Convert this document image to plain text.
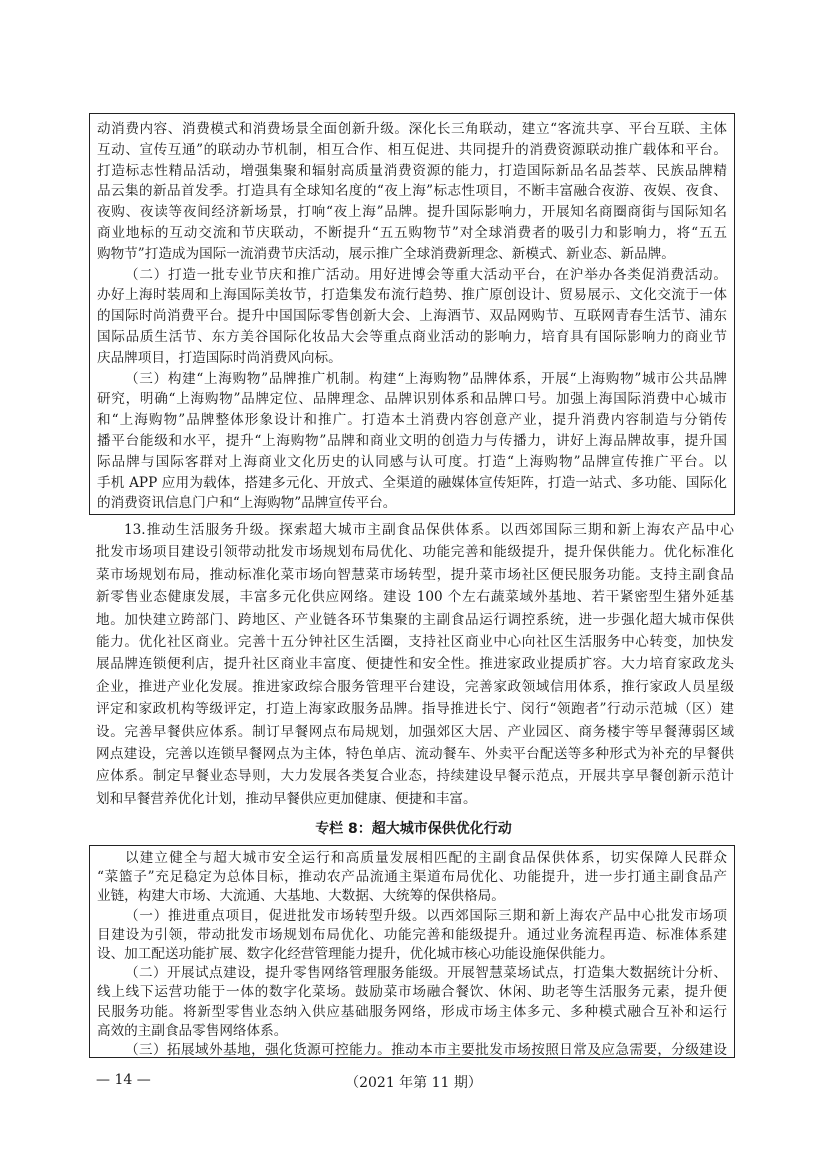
动消费内容、消费模式和消费场景全面创新升级。深化长三角联动，建立“客流共享、平台互联、主体
互动、宣传互通”的联动办节机制，相互合作、相互促进、共同提升的消费资源联动推广载体和平台。
打造标志性精品活动，增强集聚和辐射高质量消费资源的能力，打造国际新品名品荟萃、民族品牌精
品云集的新品首发季。打造具有全球知名度的“夜上海”标志性项目，不断丰富融合夜游、夜娱、夜食、
夜购、夜读等夜间经济新场景，打响“夜上海”品牌。提升国际影响力，开展知名商圈商街与国际知名
商业地标的互动交流和节庆联动，不断提升“五五购物节”对全球消费者的吸引力和影响力，将“五五
购物节”打造成为国际一流消费节庆活动，展示推广全球消费新理念、新模式、新业态、新品牌。
（二）打造一批专业节庆和推广活动。用好进博会等重大活动平台，在沪举办各类促消费活动。
办好上海时装周和上海国际美妆节，打造集发布流行趋势、推广原创设计、贸易展示、文化交流于一体
的国际时尚消费平台。提升中国国际零售创新大会、上海酒节、双品网购节、互联网青春生活节、浦东
国际品质生活节、东方美谷国际化妆品大会等重点商业活动的影响力，培育具有国际影响力的商业节
庆品牌项目，打造国际时尚消费风向标。
（三）构建“上海购物”品牌推广机制。构建“上海购物”品牌体系，开展“上海购物”城市公共品牌
研究，明确“上海购物”品牌定位、品牌理念、品牌识别体系和品牌口号。加强上海国际消费中心城市
和“上海购物”品牌整体形象设计和推广。打造本土消费内容创意产业，提升消费内容制造与分销传
播平台能级和水平，提升“上海购物”品牌和商业文明的创造力与传播力，讲好上海品牌故事，提升国
际品牌与国际客群对上海商业文化历史的认同感与认可度。打造“上海购物”品牌宣传推广平台。以
手机 APP 应用为载体，搭建多元化、开放式、全渠道的融媒体宣传矩阵，打造一站式、多功能、国际化
的消费资讯信息门户和“上海购物”品牌宣传平台。
13.推动生活服务升级。探索超大城市主副食品保供体系。以西郊国际三期和新上海农产品中心
批发市场项目建设引领带动批发市场规划布局优化、功能完善和能级提升，提升保供能力。优化标准化
菜市场规划布局，推动标准化菜市场向智慧菜市场转型，提升菜市场社区便民服务功能。支持主副食品
新零售业态健康发展，丰富多元化供应网络。建设 100 个左右蔬菜域外基地、若干紧密型生猪外延基
地。加快建立跨部门、跨地区、产业链各环节集聚的主副食品运行调控系统，进一步强化超大城市保供
能力。优化社区商业。完善十五分钟社区生活圈，支持社区商业中心向社区生活服务中心转变，加快发
展品牌连锁便利店，提升社区商业丰富度、便捷性和安全性。推进家政业提质扩容。大力培育家政龙头
企业，推进产业化发展。推进家政综合服务管理平台建设，完善家政领域信用体系，推行家政人员星级
评定和家政机构等级评定，打造上海家政服务品牌。指导推进长宁、闵行“领跑者”行动示范城（区）建
设。完善早餐供应体系。制订早餐网点布局规划，加强郊区大居、产业园区、商务楼宇等早餐薄弱区域
网点建设，完善以连锁早餐网点为主体，特色单店、流动餐车、外卖平台配送等多种形式为补充的早餐供
应体系。制定早餐业态导则，大力发展各类复合业态，持续建设早餐示范点，开展共享早餐创新示范计
划和早餐营养优化计划，推动早餐供应更加健康、便捷和丰富。
专栏 8：超大城市保供优化行动
以建立健全与超大城市安全运行和高质量发展相匹配的主副食品保供体系，切实保障人民群众
“菜篮子”充足稳定为总体目标，推动农产品流通主渠道布局优化、功能提升，进一步打通主副食品产
业链，构建大市场、大流通、大基地、大数据、大统筹的保供格局。
（一）推进重点项目，促进批发市场转型升级。以西郊国际三期和新上海农产品中心批发市场项
目建设为引领，带动批发市场规划布局优化、功能完善和能级提升。通过业务流程再造、标准体系建
设、加工配送功能扩展、数字化经营管理能力提升，优化城市核心功能设施保供能力。
（二）开展试点建设，提升零售网络管理服务能级。开展智慧菜场试点，打造集大数据统计分析、
线上线下运营功能于一体的数字化菜场。鼓励菜市场融合餐饮、休闲、助老等生活服务元素，提升便
民服务功能。将新型零售业态纳入供应基础服务网络，形成市场主体多元、多种模式融合互补和运行
高效的主副食品零售网络体系。
（三）拓展域外基地，强化货源可控能力。推动本市主要批发市场按照日常及应急需要，分级建设
— 14 —	（2021 年第 11 期）
